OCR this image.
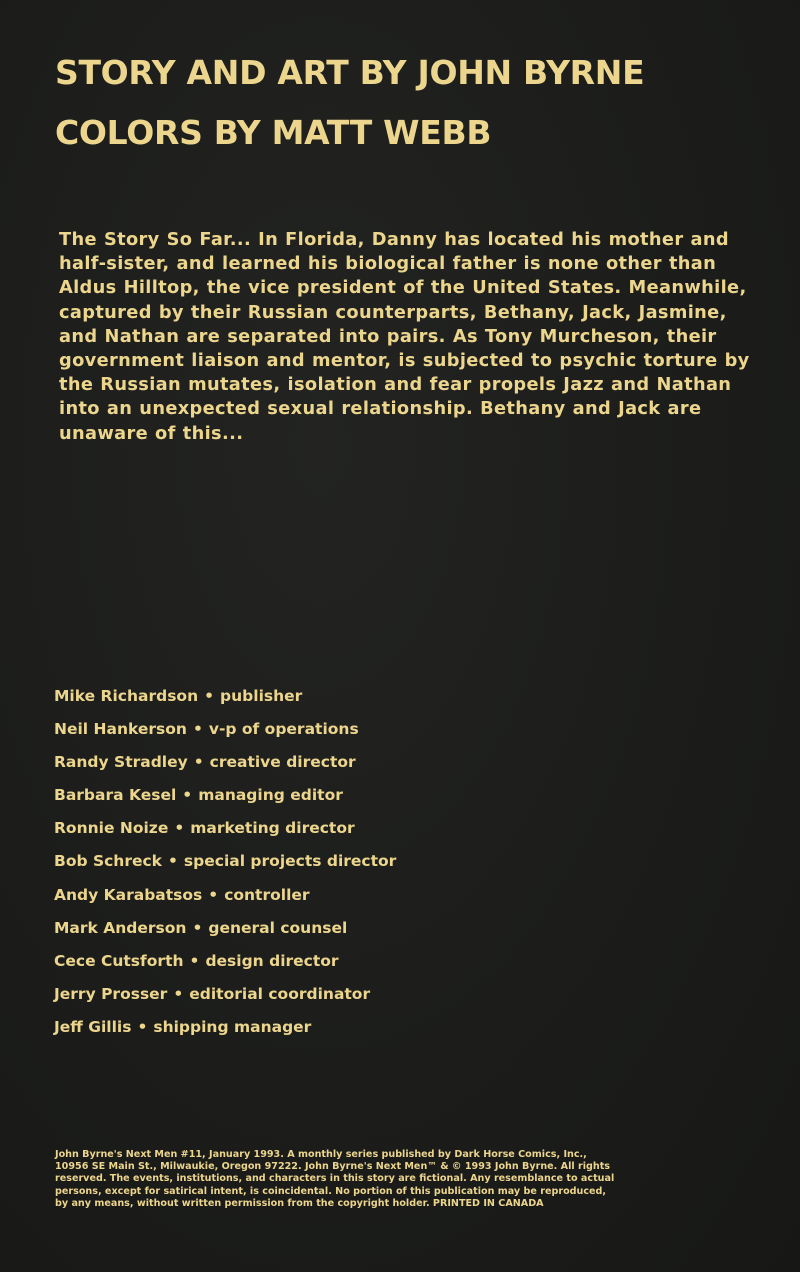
STORY AND ART BY JOHN BYRNE
COLORS BY MATT WEBB

The Story So Far... In Florida, Danny has located his mother and half-sister, and learned his biological father is none other than Aldus Hilltop, the vice president of the United States. Meanwhile, captured by their Russian counterparts, Bethany, Jack, Jasmine, and Nathan are separated into pairs. As Tony Murcheson, their government liaison and mentor, is subjected to psychic torture by the Russian mutates, isolation and fear propels Jazz and Nathan into an unexpected sexual relationship. Bethany and Jack are unaware of this...

Mike Richardson • publisher
Neil Hankerson • v-p of operations
Randy Stradley • creative director
Barbara Kesel • managing editor
Ronnie Noize • marketing director
Bob Schreck • special projects director
Andy Karabatsos • controller
Mark Anderson • general counsel
Cece Cutsforth • design director
Jerry Prosser • editorial coordinator
Jeff Gillis • shipping manager

John Byrne's Next Men #11, January 1993. A monthly series published by Dark Horse Comics, Inc., 10956 SE Main St., Milwaukie, Oregon 97222. John Byrne's Next Men™ & © 1993 John Byrne. All rights reserved. The events, institutions, and characters in this story are fictional. Any resemblance to actual persons, except for satirical intent, is coincidental. No portion of this publication may be reproduced, by any means, without written permission from the copyright holder. PRINTED IN CANADA
